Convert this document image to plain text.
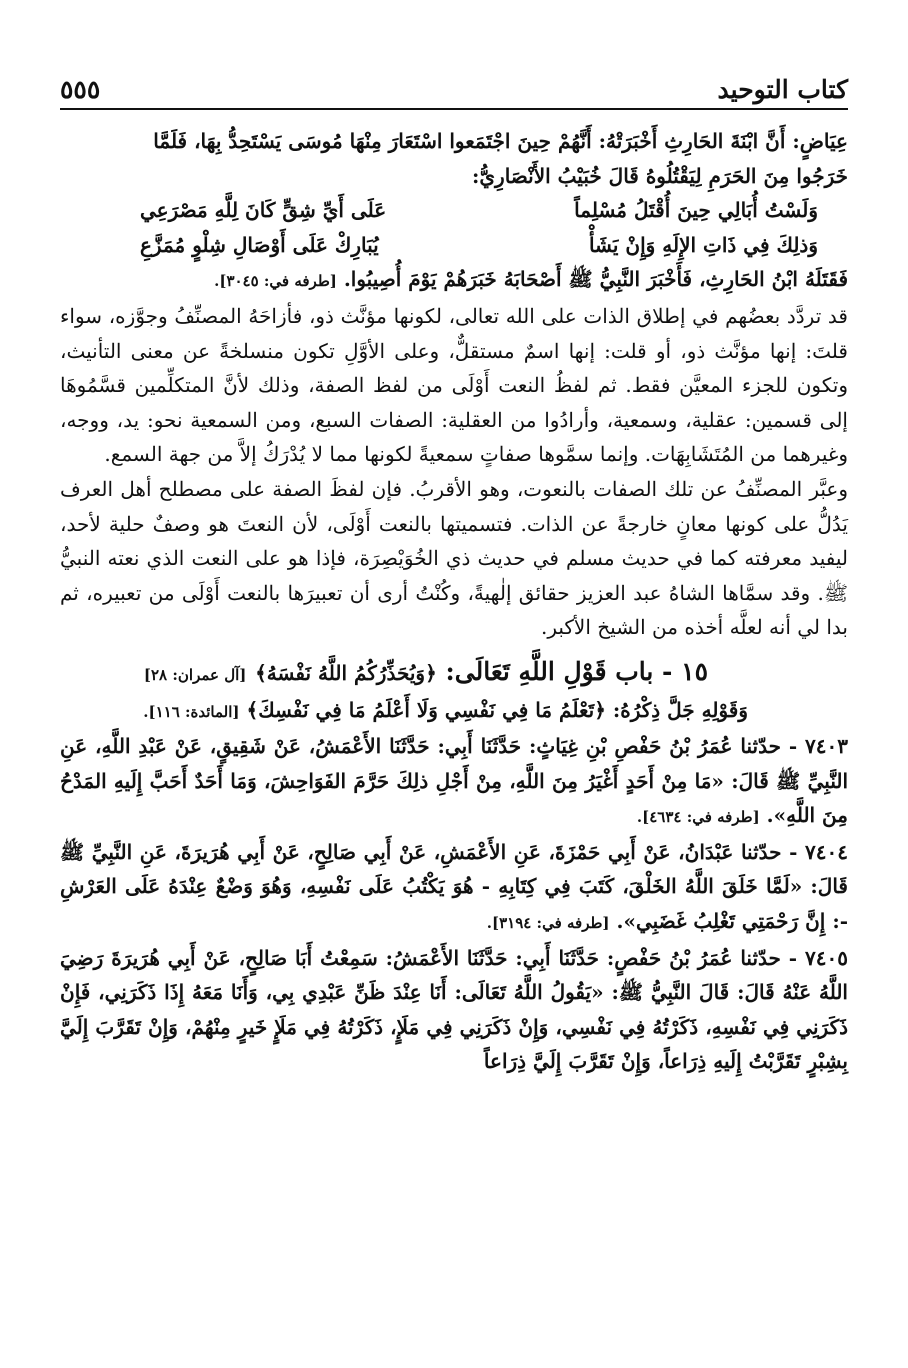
كتاب التوحيد
٥٥٥

عِيَاضٍ: أَنَّ ابْنَةَ الحَارِثِ أَخْبَرَتْهُ: أَنَّهُمْ حِينَ اجْتَمَعوا اسْتَعَارَ مِنْهَا مُوسَى يَسْتَحِدُّ بِهَا، فَلَمَّا

خَرَجُوا مِنَ الحَرَمِ لِيَقْتُلُوهُ قَالَ خُبَيْبُ الأَنْصَارِيُّ:

وَلَسْتُ أُبَالِي حِينَ أُقْتَلُ مُسْلِماً
عَلَى أَيِّ شِقٍّ كَانَ لِلَّهِ مَصْرَعِي
وَذلِكَ فِي ذَاتِ الإِلَهِ وَإِنْ يَشَأْ
يُبَارِكْ عَلَى أَوْصَالِ شِلْوٍ مُمَزَّعِ

فَقَتَلَهُ ابْنُ الحَارِثِ، فَأَخْبَرَ النَّبِيُّ ﷺ أَصْحَابَهُ خَبَرَهُمْ يَوْمَ أُصِيبُوا. [طرفه في: ٣٠٤٥].

قد تردَّد بعضُهم في إطلاق الذات على الله تعالى، لكونها مؤنَّث ذو، فأزاحَهُ المصنِّفُ وجوَّزه، سواء قلتَ: إنها مؤنَّث ذو، أو قلت: إنها اسمٌ مستقلٌّ، وعلى الأوَّلِ تكون منسلخةً عن معنى التأنيث، وتكون للجزء المعيَّن فقط. ثم لفظُ النعت أَوْلَى من لفظ الصفة، وذلك لأنَّ المتكلِّمين قسَّمُوهَا إلى قسمين: عقلية، وسمعية، وأرادُوا من العقلية: الصفات السبع، ومن السمعية نحو: يد، ووجه، وغيرهما من المُتَشَابِهَات. وإنما سمَّوها صفاتٍ سمعيةً لكونها مما لا يُدْرَكُ إلاَّ من جهة السمع.

وعبَّر المصنِّفُ عن تلك الصفات بالنعوت، وهو الأقربُ. فإن لفظَ الصفة على مصطلح أهل العرف يَدُلُّ على كونها معانٍ خارجةً عن الذات. فتسميتها بالنعت أَوْلَى، لأن النعتَ هو وصفٌ حلية لأحد، ليفيد معرفته كما في حديث مسلم في حديث ذي الخُوَيْصِرَة، فإذا هو على النعت الذي نعته النبيُّ ﷺ. وقد سمَّاها الشاهُ عبد العزيز حقائق إلٰهيةً، وكُنْتُ أرى أن تعبيرَها بالنعت أَوْلَى من تعبيره، ثم بدا لي أنه لعلَّه أخذه من الشيخ الأكبر.

١٥ - باب قَوْلِ اللَّهِ تَعَالَى: ﴿وَيُحَذِّرُكُمُ اللَّهُ نَفْسَهُ﴾ [آل عمران: ٢٨]

وَقَوْلِهِ جَلَّ ذِكْرُهُ: ﴿تَعْلَمُ مَا فِي نَفْسِي وَلَا أَعْلَمُ مَا فِي نَفْسِكَ﴾ [المائدة: ١١٦].

٧٤٠٣ - حدّثنا عُمَرُ بْنُ حَفْصِ بْنِ غِيَاثٍ: حَدَّثَنَا أَبِي: حَدَّثَنَا الأَعْمَشُ، عَنْ شَقِيقٍ، عَنْ عَبْدِ اللَّهِ، عَنِ النَّبِيِّ ﷺ قَالَ: «مَا مِنْ أَحَدٍ أَغْيَرُ مِنَ اللَّهِ، مِنْ أَجْلِ ذلِكَ حَرَّمَ الفَوَاحِشَ، وَمَا أَحَدٌ أَحَبَّ إِلَيهِ المَدْحُ مِنَ اللَّهِ». [طرفه في: ٤٦٣٤].

٧٤٠٤ - حدّثنا عَبْدَانُ، عَنْ أَبِي حَمْزَةَ، عَنِ الأَعْمَشِ، عَنْ أَبِي صَالِحٍ، عَنْ أَبِي هُرَيرَةَ، عَنِ النَّبِيِّ ﷺ قَالَ: «لَمَّا خَلَقَ اللَّهُ الخَلْقَ، كَتَبَ فِي كِتَابِهِ - هُوَ يَكْتُبُ عَلَى نَفْسِهِ، وَهُوَ وَضْعٌ عِنْدَهُ عَلَى العَرْشِ -: إِنَّ رَحْمَتِي تَغْلِبُ غَضَبِي». [طرفه في: ٣١٩٤].

٧٤٠٥ - حدّثنا عُمَرُ بْنُ حَفْصٍ: حَدَّثَنَا أَبِي: حَدَّثَنَا الأَعْمَشُ: سَمِعْتُ أَبَا صَالِحٍ، عَنْ أَبِي هُرَيرَةَ رَضِيَ اللَّهُ عَنْهُ قَالَ: قَالَ النَّبِيُّ ﷺ: «يَقُولُ اللَّهُ تَعَالَى: أَنَا عِنْدَ ظَنِّ عَبْدِي بِي، وَأَنَا مَعَهُ إِذَا ذَكَرَنِي، فَإِنْ ذَكَرَنِي فِي نَفْسِهِ، ذَكَرْتُهُ فِي نَفْسِي، وَإِنْ ذَكَرَنِي فِي مَلَإٍ، ذَكَرْتُهُ فِي مَلَإٍ خَيرٍ مِنْهُمْ، وَإِنْ تَقَرَّبَ إِلَيَّ بِشِبْرٍ تَقَرَّبْتُ إِلَيهِ ذِرَاعاً، وَإِنْ تَقَرَّبَ إِلَيَّ ذِرَاعاً
